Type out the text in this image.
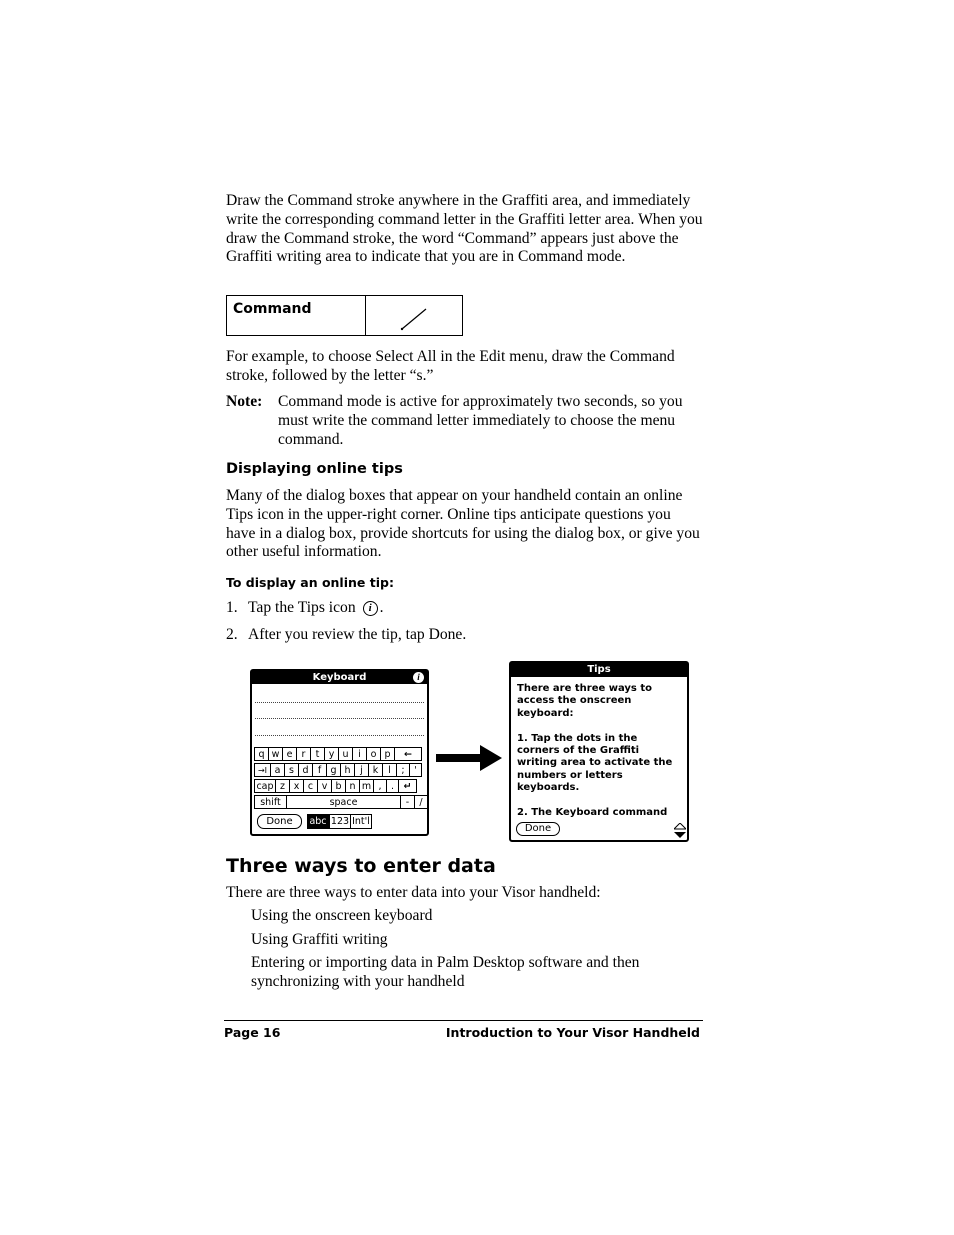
Draw the Command stroke anywhere in the Graffiti area, and immediately write the corresponding command letter in the Graffiti letter area. When you draw the Command stroke, the word “Command” appears just above the Graffiti writing area to indicate that you are in Command mode.

Command

For example, to choose Select All in the Edit menu, draw the Command stroke, followed by the letter “s.”

Note: Command mode is active for approximately two seconds, so you must write the command letter immediately to choose the menu command.
Displaying online tips

Many of the dialog boxes that appear on your handheld contain an online Tips icon in the upper-right corner. Online tips anticipate questions you have in a dialog box, provide shortcuts for using the dialog box, or give you other useful information.

To display an online tip:
1. Tap the Tips icon	i .
2. After you review the tip, tap Done.
Keyboard	i
q w e r	t y u	i	o p	←
→I a s d f g h	j	k	l	;	'
cap z x c v b n m , .	↵
shift	space	-	/
Done	abc 123 Int'l
Tips
There are three ways to
access the onscreen
keyboard:

1. Tap the dots in the
corners of the Graffiti
writing area to activate the
numbers or letters
keyboards.

2. The Keyboard command
Done
Three ways to enter data

There are three ways to enter data into your Visor handheld:

Using the onscreen keyboard
Using Graffiti writing
Entering or importing data in Palm Desktop software and then synchronizing with your handheld
Page 16	Introduction to Your Visor Handheld
